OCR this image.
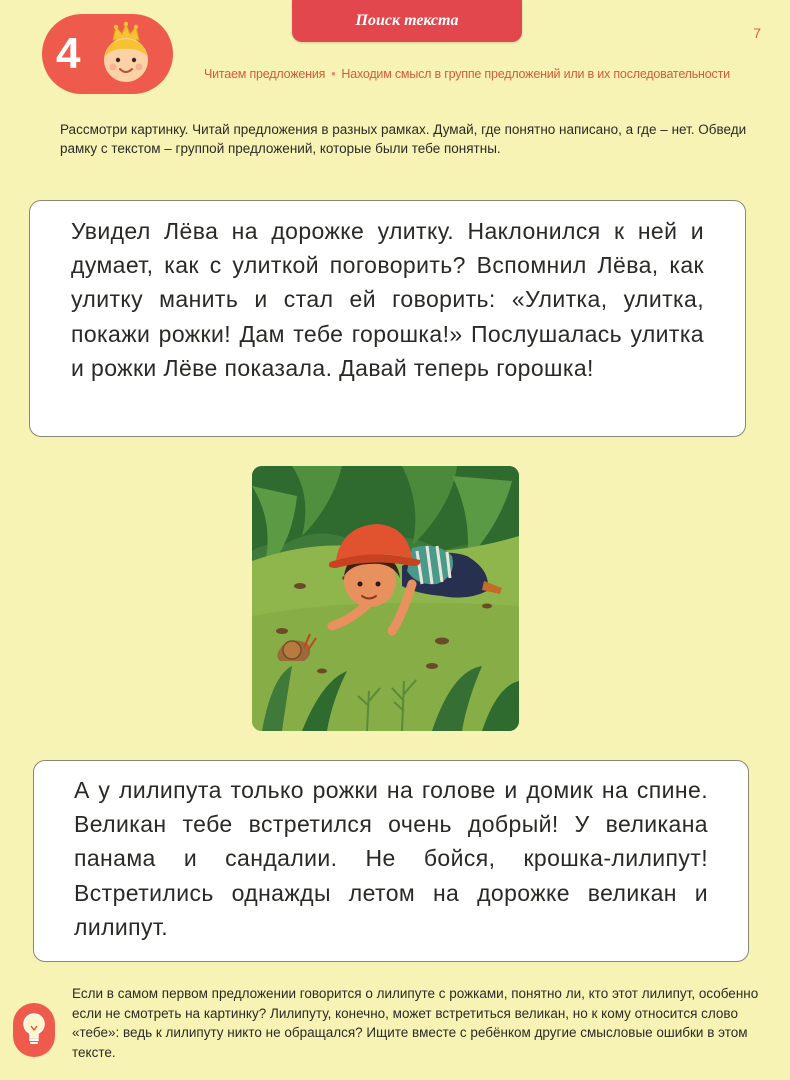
Поиск текста
7
4	Читаем предложения • Находим смысл в группе предложений или в их последовательности
Рассмотри картинку. Читай предложения в разных рамках. Думай, где понятно написано, а где – нет. Обведи рамку с текстом – группой предложений, которые были тебе понятны.
Увидел Лёва на дорожке улитку. Наклонился к ней и думает, как с улиткой поговорить? Вспомнил Лёва, как улитку манить и стал ей говорить: «Улитка, улитка, покажи рожки! Дам тебе горошка!» Послушалась улитка и рожки Лёве показала. Давай теперь горошка!
А у лилипута только рожки на голове и домик на спине. Великан тебе встретился очень добрый! У великана панама и сандалии. Не бойся, крошка-лилипут! Встретились однажды летом на дорожке великан и лилипут.
Если в самом первом предложении говорится о лилипуте с рожками, понятно ли, кто этот лилипут, особенно если не смотреть на картинку? Лилипуту, конечно, может встретиться великан, но к кому относится слово «тебе»: ведь к лилипуту никто не обращался? Ищите вместе с ребёнком другие смысловые ошибки в этом тексте.
